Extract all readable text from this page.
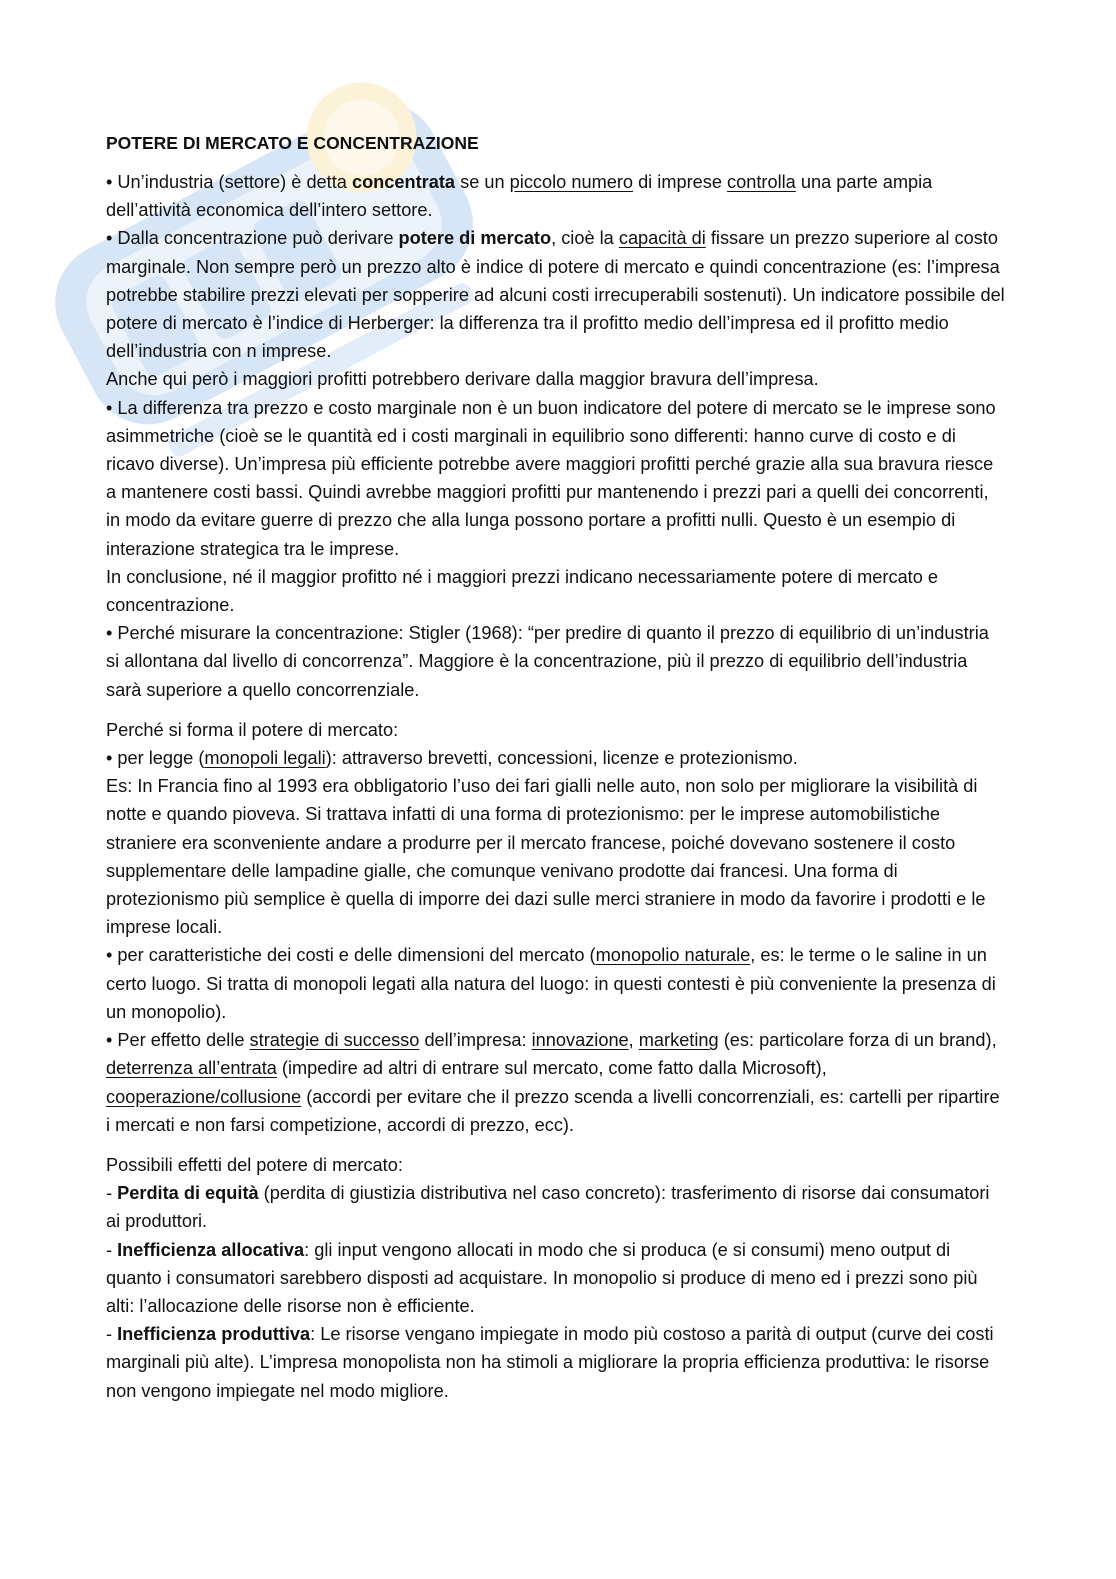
POTERE DI MERCATO E CONCENTRAZIONE

• Un’industria (settore) è detta concentrata se un piccolo numero di imprese controlla una parte ampia dell’attività economica dell’intero settore.

• Dalla concentrazione può derivare potere di mercato, cioè la capacità di fissare un prezzo superiore al costo marginale. Non sempre però un prezzo alto è indice di potere di mercato e quindi concentrazione (es: l’impresa potrebbe stabilire prezzi elevati per sopperire ad alcuni costi irrecuperabili sostenuti). Un indicatore possibile del potere di mercato è l’indice di Herberger: la differenza tra il profitto medio dell’impresa ed il profitto medio dell’industria con n imprese.

Anche qui però i maggiori profitti potrebbero derivare dalla maggior bravura dell’impresa.

• La differenza tra prezzo e costo marginale non è un buon indicatore del potere di mercato se le imprese sono asimmetriche (cioè se le quantità ed i costi marginali in equilibrio sono differenti: hanno curve di costo e di ricavo diverse). Un’impresa più efficiente potrebbe avere maggiori profitti perché grazie alla sua bravura riesce a mantenere costi bassi. Quindi avrebbe maggiori profitti pur mantenendo i prezzi pari a quelli dei concorrenti, in modo da evitare guerre di prezzo che alla lunga possono portare a profitti nulli. Questo è un esempio di interazione strategica tra le imprese.

In conclusione, né il maggior profitto né i maggiori prezzi indicano necessariamente potere di mercato e concentrazione.

• Perché misurare la concentrazione: Stigler (1968): “per predire di quanto il prezzo di equilibrio di un’industria si allontana dal livello di concorrenza”. Maggiore è la concentrazione, più il prezzo di equilibrio dell’industria sarà superiore a quello concorrenziale.

Perché si forma il potere di mercato:

• per legge (monopoli legali): attraverso brevetti, concessioni, licenze e protezionismo.

Es: In Francia fino al 1993 era obbligatorio l’uso dei fari gialli nelle auto, non solo per migliorare la visibilità di notte e quando pioveva. Si trattava infatti di una forma di protezionismo: per le imprese automobilistiche straniere era sconveniente andare a produrre per il mercato francese, poiché dovevano sostenere il costo supplementare delle lampadine gialle, che comunque venivano prodotte dai francesi. Una forma di protezionismo più semplice è quella di imporre dei dazi sulle merci straniere in modo da favorire i prodotti e le imprese locali.

• per caratteristiche dei costi e delle dimensioni del mercato (monopolio naturale, es: le terme o le saline in un certo luogo. Si tratta di monopoli legati alla natura del luogo: in questi contesti è più conveniente la presenza di un monopolio).

• Per effetto delle strategie di successo dell’impresa: innovazione, marketing (es: particolare forza di un brand), deterrenza all’entrata (impedire ad altri di entrare sul mercato, come fatto dalla Microsoft), cooperazione/collusione (accordi per evitare che il prezzo scenda a livelli concorrenziali, es: cartelli per ripartire i mercati e non farsi competizione, accordi di prezzo, ecc).

Possibili effetti del potere di mercato:

- Perdita di equità (perdita di giustizia distributiva nel caso concreto): trasferimento di risorse dai consumatori ai produttori.

- Inefficienza allocativa: gli input vengono allocati in modo che si produca (e si consumi) meno output di quanto i consumatori sarebbero disposti ad acquistare. In monopolio si produce di meno ed i prezzi sono più alti: l’allocazione delle risorse non è efficiente.

- Inefficienza produttiva: Le risorse vengano impiegate in modo più costoso a parità di output (curve dei costi marginali più alte). L’impresa monopolista non ha stimoli a migliorare la propria efficienza produttiva: le risorse non vengono impiegate nel modo migliore.
